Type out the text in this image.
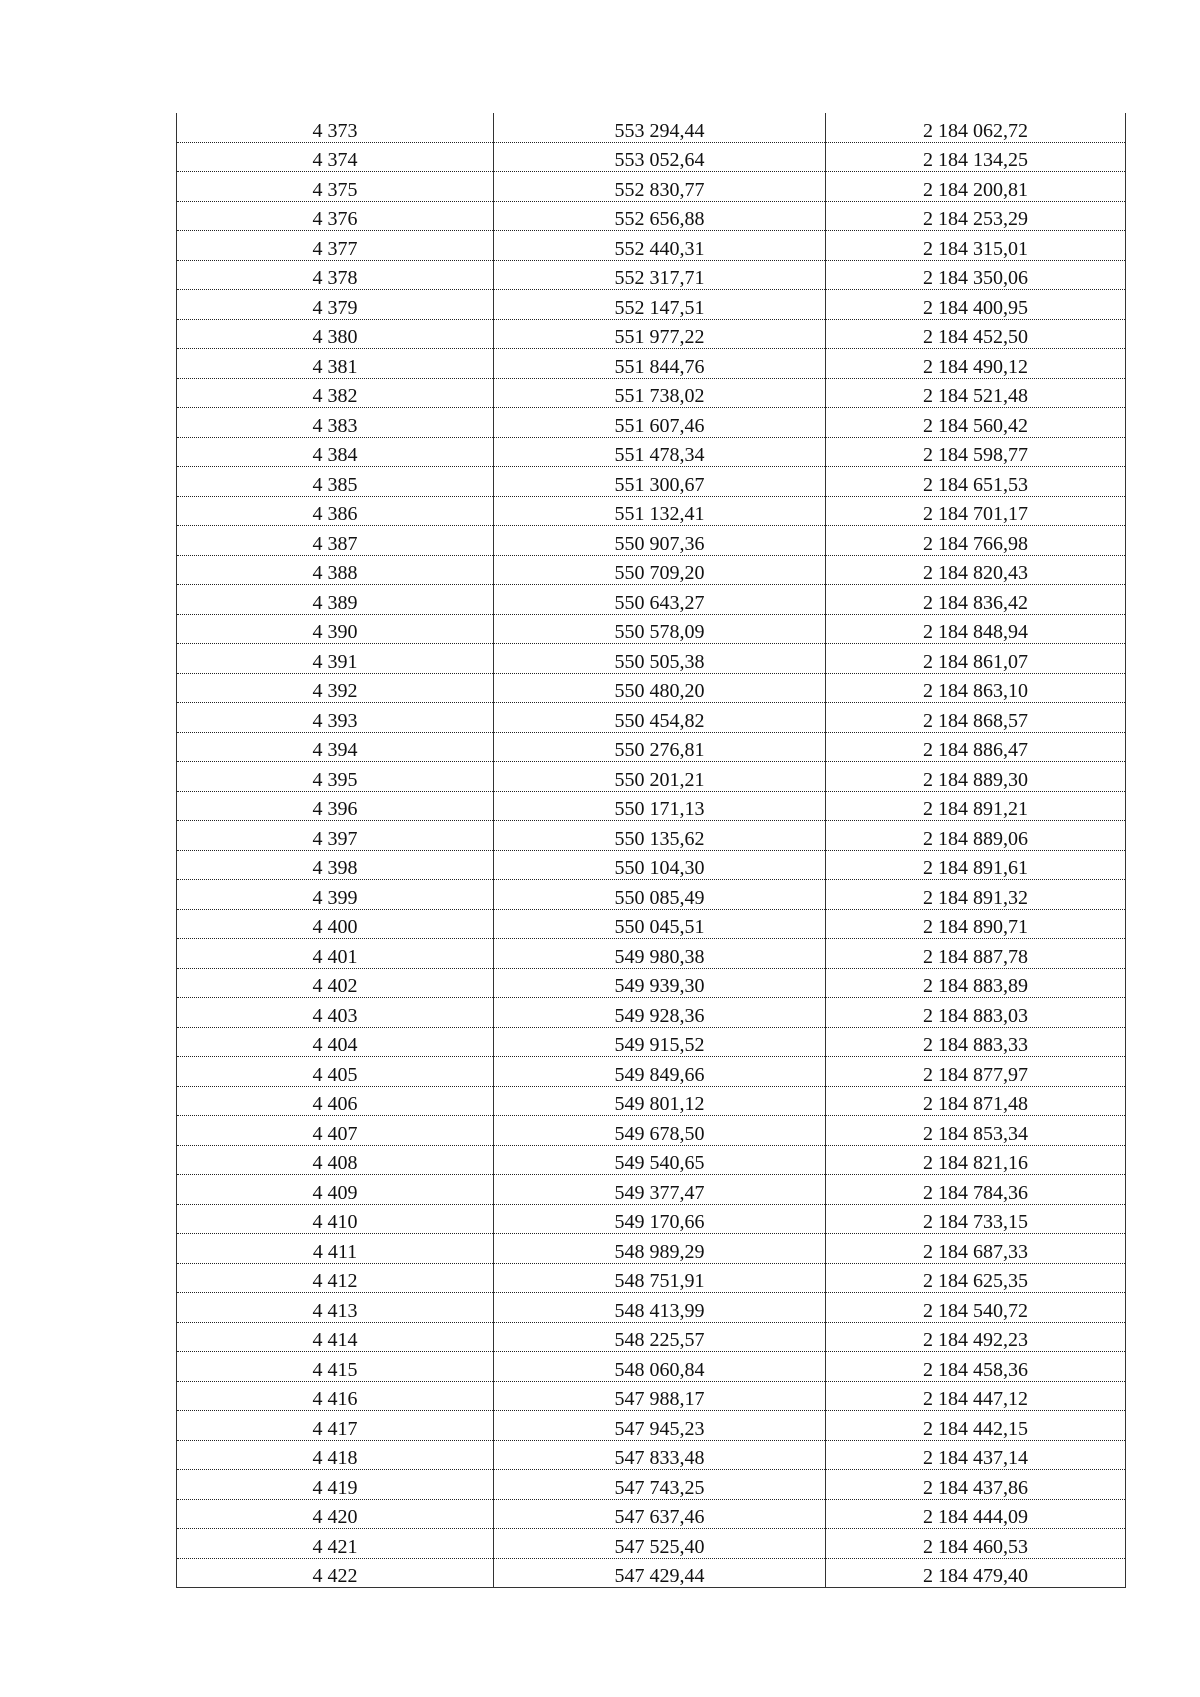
4 373	553 294,44	2 184 062,72
4 374	553 052,64	2 184 134,25
4 375	552 830,77	2 184 200,81
4 376	552 656,88	2 184 253,29
4 377	552 440,31	2 184 315,01
4 378	552 317,71	2 184 350,06
4 379	552 147,51	2 184 400,95
4 380	551 977,22	2 184 452,50
4 381	551 844,76	2 184 490,12
4 382	551 738,02	2 184 521,48
4 383	551 607,46	2 184 560,42
4 384	551 478,34	2 184 598,77
4 385	551 300,67	2 184 651,53
4 386	551 132,41	2 184 701,17
4 387	550 907,36	2 184 766,98
4 388	550 709,20	2 184 820,43
4 389	550 643,27	2 184 836,42
4 390	550 578,09	2 184 848,94
4 391	550 505,38	2 184 861,07
4 392	550 480,20	2 184 863,10
4 393	550 454,82	2 184 868,57
4 394	550 276,81	2 184 886,47
4 395	550 201,21	2 184 889,30
4 396	550 171,13	2 184 891,21
4 397	550 135,62	2 184 889,06
4 398	550 104,30	2 184 891,61
4 399	550 085,49	2 184 891,32
4 400	550 045,51	2 184 890,71
4 401	549 980,38	2 184 887,78
4 402	549 939,30	2 184 883,89
4 403	549 928,36	2 184 883,03
4 404	549 915,52	2 184 883,33
4 405	549 849,66	2 184 877,97
4 406	549 801,12	2 184 871,48
4 407	549 678,50	2 184 853,34
4 408	549 540,65	2 184 821,16
4 409	549 377,47	2 184 784,36
4 410	549 170,66	2 184 733,15
4 411	548 989,29	2 184 687,33
4 412	548 751,91	2 184 625,35
4 413	548 413,99	2 184 540,72
4 414	548 225,57	2 184 492,23
4 415	548 060,84	2 184 458,36
4 416	547 988,17	2 184 447,12
4 417	547 945,23	2 184 442,15
4 418	547 833,48	2 184 437,14
4 419	547 743,25	2 184 437,86
4 420	547 637,46	2 184 444,09
4 421	547 525,40	2 184 460,53
4 422	547 429,44	2 184 479,40
